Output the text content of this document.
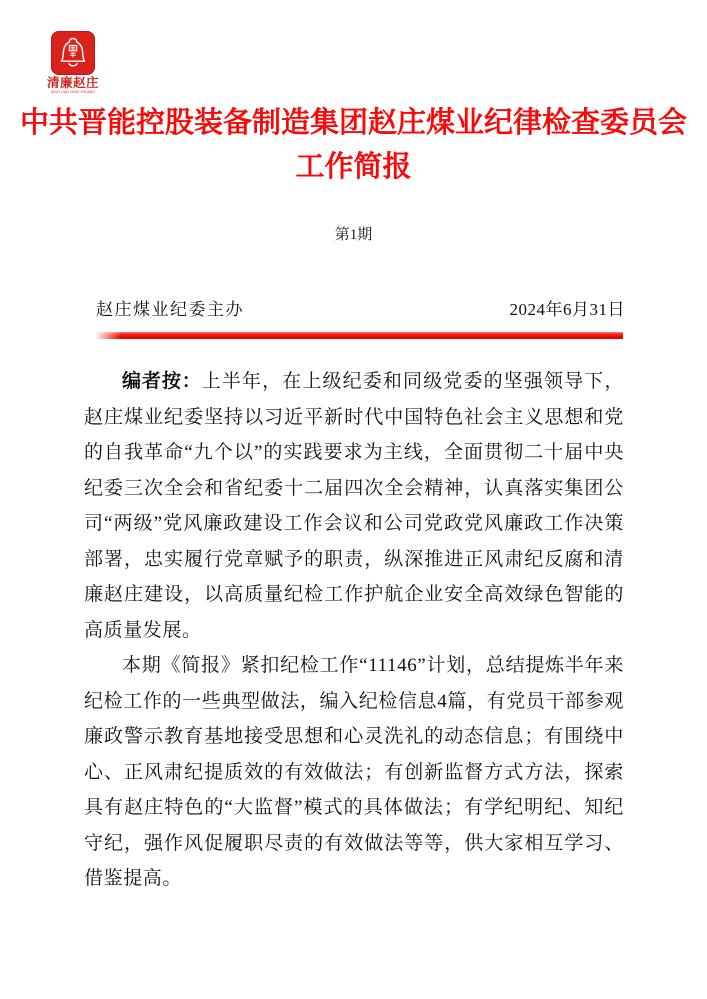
清廉赵庄
QING LIAN ZHAO ZHUANG
中共晋能控股装备制造集团赵庄煤业纪律检查委员会
工作简报
第1期
赵庄煤业纪委主办	2024年6月31日

编者按：上半年，在上级纪委和同级党委的坚强领导下，赵庄煤业纪委坚持以习近平新时代中国特色社会主义思想和党的自我革命“九个以”的实践要求为主线，全面贯彻二十届中央纪委三次全会和省纪委十二届四次全会精神，认真落实集团公司“两级”党风廉政建设工作会议和公司党政党风廉政工作决策部署，忠实履行党章赋予的职责，纵深推进正风肃纪反腐和清廉赵庄建设，以高质量纪检工作护航企业安全高效绿色智能的高质量发展。

本期《简报》紧扣纪检工作“11146”计划，总结提炼半年来纪检工作的一些典型做法，编入纪检信息4篇，有党员干部参观廉政警示教育基地接受思想和心灵洗礼的动态信息；有围绕中心、正风肃纪提质效的有效做法；有创新监督方式方法，探索具有赵庄特色的“大监督”模式的具体做法；有学纪明纪、知纪守纪，强作风促履职尽责的有效做法等等，供大家相互学习、借鉴提高。
